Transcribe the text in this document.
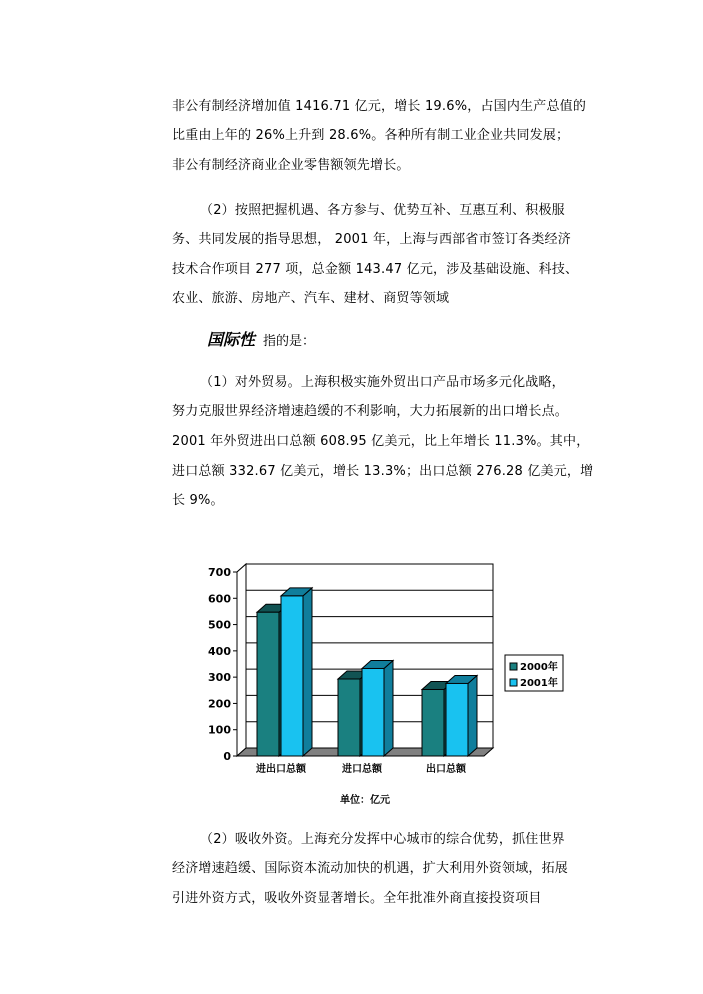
非公有制经济增加值 1416.71 亿元，增长 19.6%，占国内生产总值的
比重由上年的 26%上升到 28.6%。各种所有制工业企业共同发展；
非公有制经济商业企业零售额领先增长。
（2）按照把握机遇、各方参与、优势互补、互惠互利、积极服
务、共同发展的指导思想， 2001 年，上海与西部省市签订各类经济
技术合作项目 277 项，总金额 143.47 亿元，涉及基础设施、科技、
农业、旅游、房地产、汽车、建材、商贸等领域
国际性 指的是：
（1）对外贸易。上海积极实施外贸出口产品市场多元化战略，
努力克服世界经济增速趋缓的不利影响，大力拓展新的出口增长点。
2001 年外贸进出口总额 608.95 亿美元，比上年增长 11.3%。其中，
进口总额 332.67 亿美元，增长 13.3%；出口总额 276.28 亿美元，增
长 9%。
0
100
200
300
400
500
600
700
进出口总额	进口总额	出口总额
2000年
2001年
单位：亿元
（2）吸收外资。上海充分发挥中心城市的综合优势，抓住世界
经济增速趋缓、国际资本流动加快的机遇，扩大利用外资领域，拓展
引进外资方式，吸收外资显著增长。全年批准外商直接投资项目
